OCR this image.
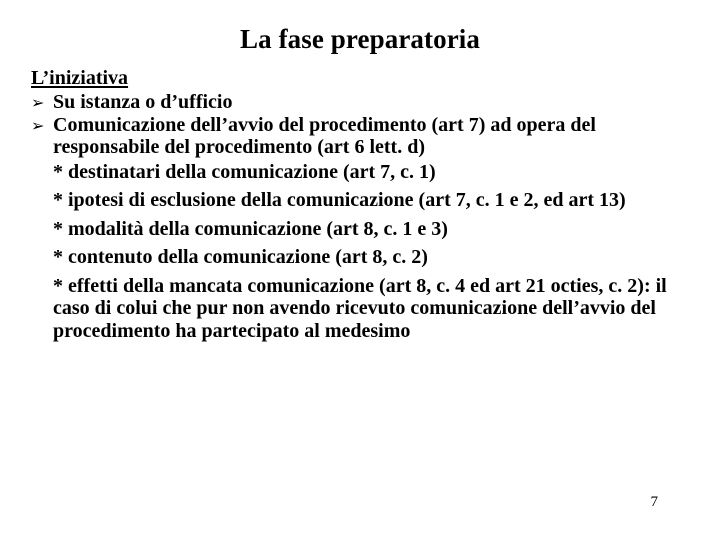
La fase preparatoria
L’iniziativa
➢ Su istanza o d’ufficio
➢ Comunicazione dell’avvio del procedimento (art 7) ad opera del responsabile del procedimento (art 6 lett. d)
* destinatari della comunicazione (art 7, c. 1)
* ipotesi di esclusione della comunicazione (art 7, c. 1 e 2, ed art 13)
* modalità della comunicazione (art 8, c. 1 e 3)
* contenuto della comunicazione (art 8, c. 2)
* effetti della mancata comunicazione (art 8, c. 4 ed art 21 octies, c. 2): il caso di colui che pur non avendo ricevuto comunicazione dell’avvio del procedimento ha partecipato al medesimo
7
